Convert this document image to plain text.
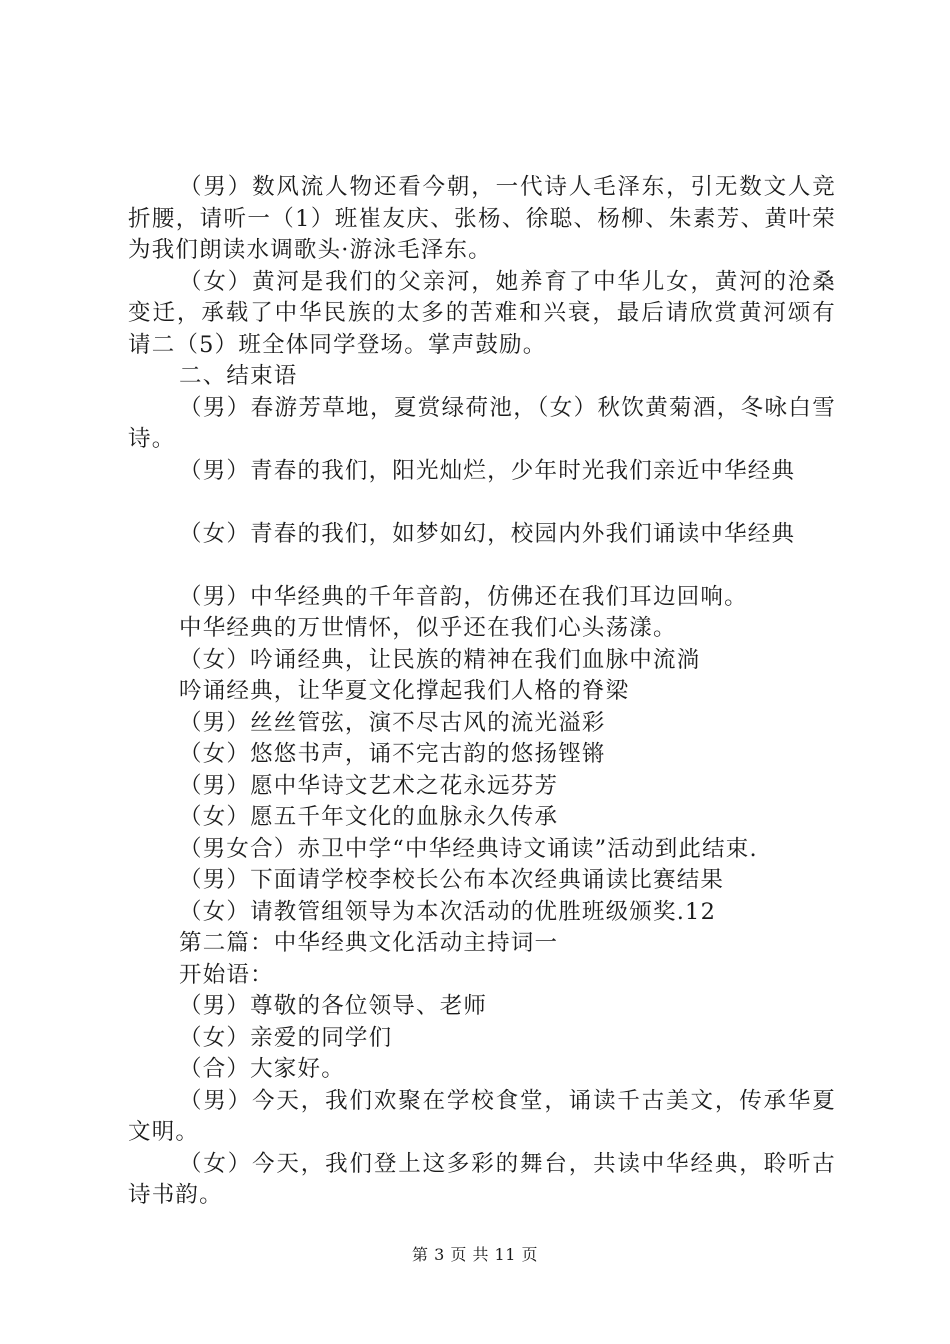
（男）数风流人物还看今朝，一代诗人毛泽东，引无数文人竞折腰，请听一（1）班崔友庆、张杨、徐聪、杨柳、朱素芳、黄叶荣为我们朗读水调歌头·游泳毛泽东。

（女）黄河是我们的父亲河，她养育了中华儿女，黄河的沧桑变迁，承载了中华民族的太多的苦难和兴衰，最后请欣赏黄河颂有请二（5）班全体同学登场。掌声鼓励。

二、结束语

（男）春游芳草地，夏赏绿荷池，（女）秋饮黄菊酒，冬咏白雪诗。

（男）青春的我们，阳光灿烂，少年时光我们亲近中华经典

（女）青春的我们，如梦如幻，校园内外我们诵读中华经典

（男）中华经典的千年音韵，仿佛还在我们耳边回响。

中华经典的万世情怀，似乎还在我们心头荡漾。

（女）吟诵经典，让民族的精神在我们血脉中流淌

吟诵经典，让华夏文化撑起我们人格的脊梁

（男）丝丝管弦，演不尽古风的流光溢彩

（女）悠悠书声，诵不完古韵的悠扬铿锵

（男）愿中华诗文艺术之花永远芬芳

（女）愿五千年文化的血脉永久传承

（男女合）赤卫中学“中华经典诗文诵读”活动到此结束.

（男）下面请学校李校长公布本次经典诵读比赛结果

（女）请教管组领导为本次活动的优胜班级颁奖.12

第二篇：中华经典文化活动主持词一

开始语：

（男）尊敬的各位领导、老师

（女）亲爱的同学们

（合）大家好。

（男）今天，我们欢聚在学校食堂，诵读千古美文，传承华夏文明。

（女）今天，我们登上这多彩的舞台，共读中华经典，聆听古诗书韵。

第 3 页 共 11 页
